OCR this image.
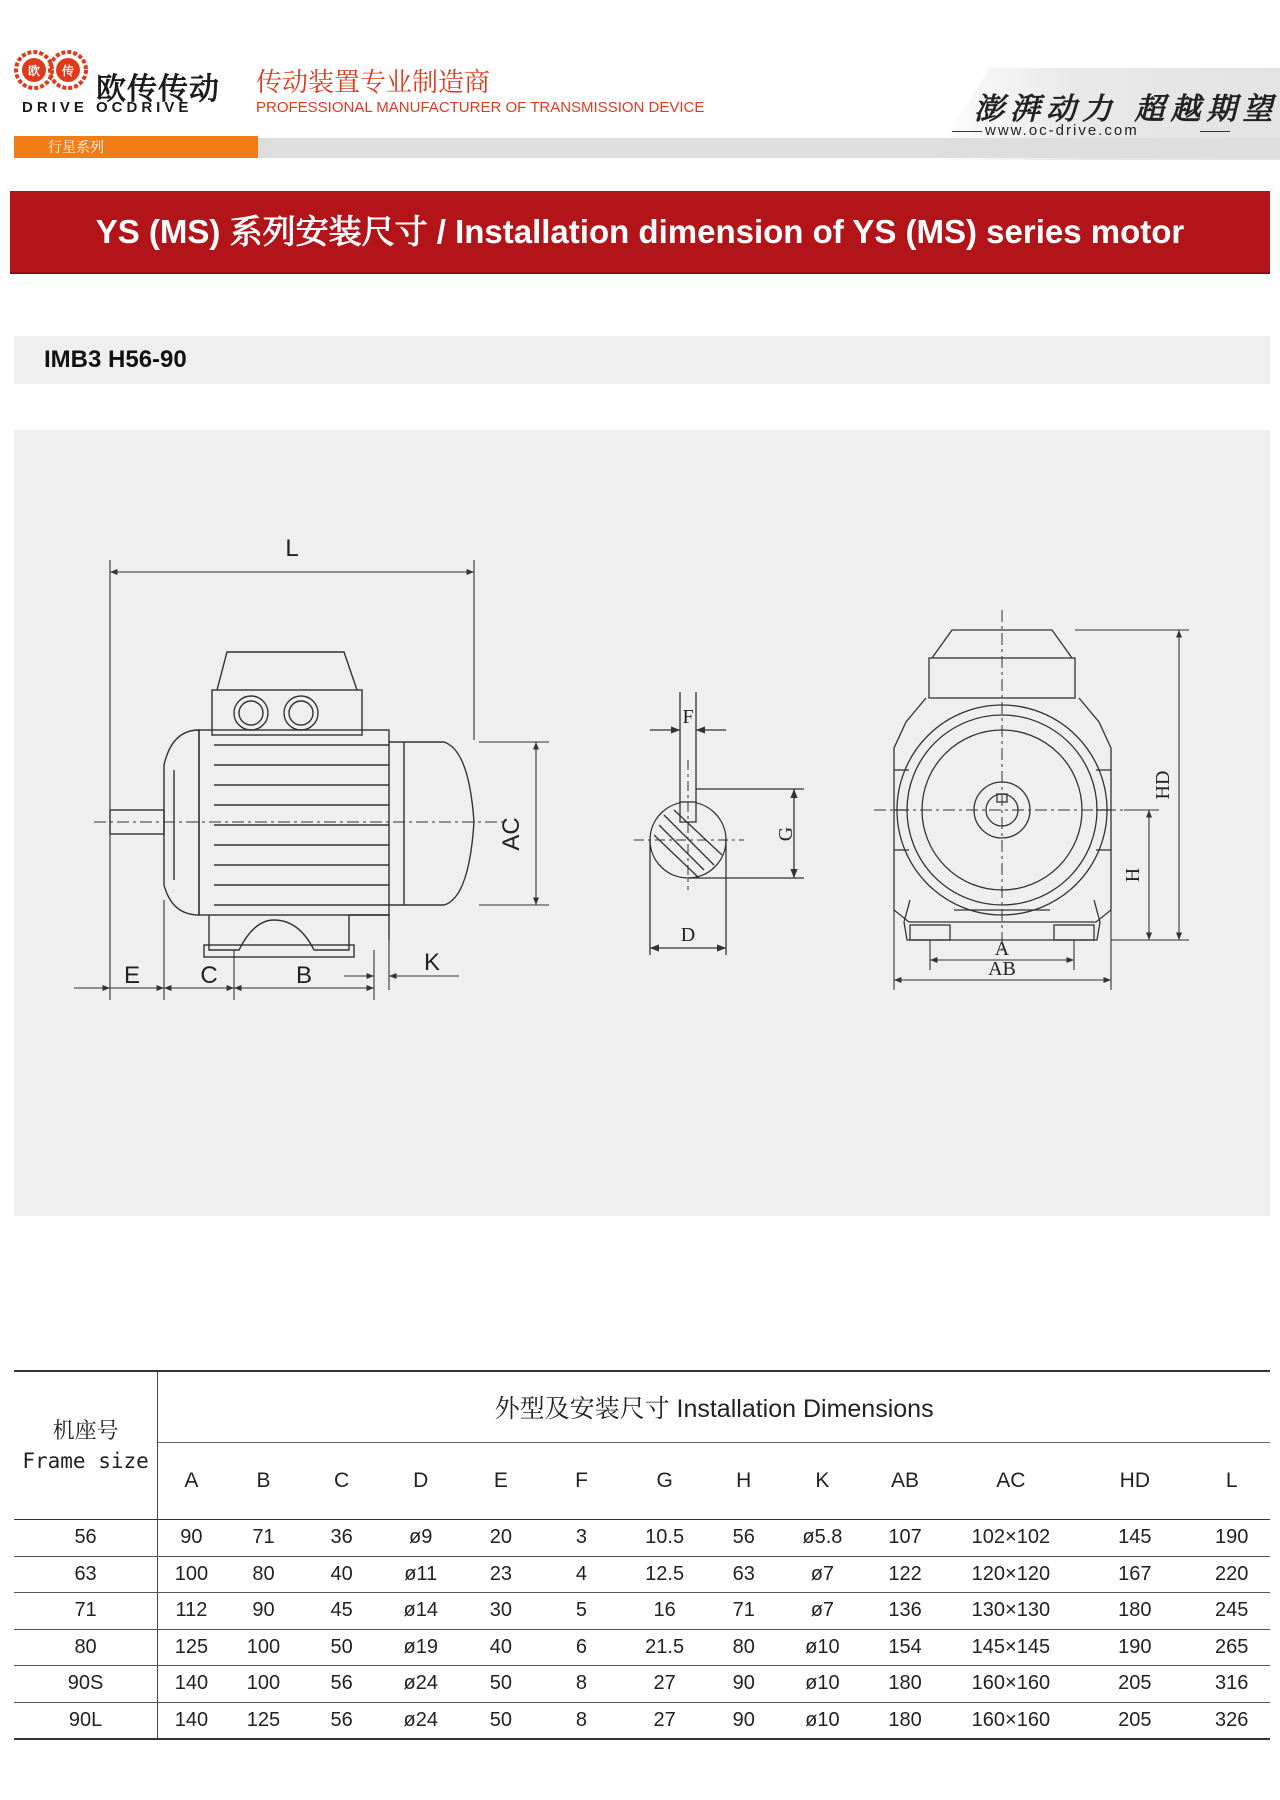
欧 传
欧传传动
DRIVE OCDRIVE
传动装置专业制造商
PROFESSIONAL MANUFACTURER OF TRANSMISSION DEVICE
行星系列
澎湃动力 超越期望
www.oc-drive.com
YS (MS) 系列安装尺寸 / Installation dimension of YS (MS) series motor
IMB3 H56-90
L
AC
E	C	B	K
F
G
D
HD
H
A
AB
机座号
Frame size	外型及安装尺寸 Installation Dimensions												
	A	B	C	D	E	F	G	H	K	AB	AC	HD	L
56	90	71	36	ø9	20	3	10.5	56	ø5.8	107	102×102	145	190
63	100	80	40	ø11	23	4	12.5	63	ø7	122	120×120	167	220
71	112	90	45	ø14	30	5	16	71	ø7	136	130×130	180	245
80	125	100	50	ø19	40	6	21.5	80	ø10	154	145×145	190	265
90S	140	100	56	ø24	50	8	27	90	ø10	180	160×160	205	316
90L	140	125	56	ø24	50	8	27	90	ø10	180	160×160	205	326
